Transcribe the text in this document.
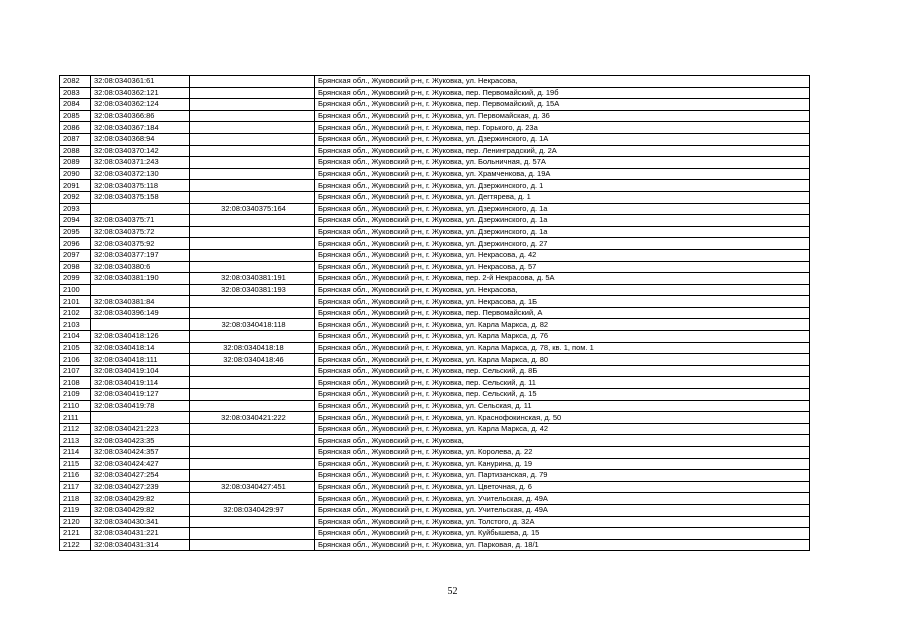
2082	32:08:0340361:61		Брянская обл., Жуковский р-н, г. Жуковка, ул. Некрасова,
2083	32:08:0340362:121		Брянская обл., Жуковский р-н, г. Жуковка, пер. Первомайский, д. 19б
2084	32:08:0340362:124		Брянская обл., Жуковский р-н, г. Жуковка, пер. Первомайский, д. 15А
2085	32:08:0340366:86		Брянская обл., Жуковский р-н, г. Жуковка, ул. Первомайская, д. 36
2086	32:08:0340367:184		Брянская обл., Жуковский р-н, г. Жуковка, пер. Горького, д. 23а
2087	32:08:0340368:94		Брянская обл., Жуковский р-н, г. Жуковка, ул. Дзержинского, д. 1А
2088	32:08:0340370:142		Брянская обл., Жуковский р-н, г. Жуковка, пер. Ленинградский, д. 2А
2089	32:08:0340371:243		Брянская обл., Жуковский р-н, г. Жуковка, ул. Больничная, д. 57А
2090	32:08:0340372:130		Брянская обл., Жуковский р-н, г. Жуковка, ул. Храмченкова, д. 19А
2091	32:08:0340375:118		Брянская обл., Жуковский р-н, г. Жуковка, ул. Дзержинского, д. 1
2092	32:08:0340375:158		Брянская обл., Жуковский р-н, г. Жуковка, ул. Дегтярева, д. 1
2093		32:08:0340375:164	Брянская обл., Жуковский р-н, г. Жуковка, ул. Дзержинского, д. 1а
2094	32:08:0340375:71		Брянская обл., Жуковский р-н, г. Жуковка, ул. Дзержинского, д. 1а
2095	32:08:0340375:72		Брянская обл., Жуковский р-н, г. Жуковка, ул. Дзержинского, д. 1а
2096	32:08:0340375:92		Брянская обл., Жуковский р-н, г. Жуковка, ул. Дзержинского, д. 27
2097	32:08:0340377:197		Брянская обл., Жуковский р-н, г. Жуковка, ул. Некрасова, д. 42
2098	32:08:0340380:6		Брянская обл., Жуковский р-н, г. Жуковка, ул. Некрасова, д. 57
2099	32:08:0340381:190	32:08:0340381:191	Брянская обл., Жуковский р-н, г. Жуковка, пер. 2-й Некрасова, д. 5А
2100		32:08:0340381:193	Брянская обл., Жуковский р-н, г. Жуковка, ул. Некрасова,
2101	32:08:0340381:84		Брянская обл., Жуковский р-н, г. Жуковка, ул. Некрасова, д. 1Б
2102	32:08:0340396:149		Брянская обл., Жуковский р-н, г. Жуковка, пер. Первомайский, А
2103		32:08:0340418:118	Брянская обл., Жуковский р-н, г. Жуковка, ул. Карла Маркса, д. 82
2104	32:08:0340418:126		Брянская обл., Жуковский р-н, г. Жуковка, ул. Карла Маркса, д. 76
2105	32:08:0340418:14	32:08:0340418:18	Брянская обл., Жуковский р-н, г. Жуковка, ул. Карла Маркса, д. 78, кв. 1, пом. 1
2106	32:08:0340418:111	32:08:0340418:46	Брянская обл., Жуковский р-н, г. Жуковка, ул. Карла Маркса, д. 80
2107	32:08:0340419:104		Брянская обл., Жуковский р-н, г. Жуковка, пер. Сельский, д. 8Б
2108	32:08:0340419:114		Брянская обл., Жуковский р-н, г. Жуковка, пер. Сельский, д. 11
2109	32:08:0340419:127		Брянская обл., Жуковский р-н, г. Жуковка, пер. Сельский, д. 15
2110	32:08:0340419:78		Брянская обл., Жуковский р-н, г. Жуковка, ул. Сельская, д. 11
2111		32:08:0340421:222	Брянская обл., Жуковский р-н, г. Жуковка, ул. Краснофокинская, д. 50
2112	32:08:0340421:223		Брянская обл., Жуковский р-н, г. Жуковка, ул. Карла Маркса, д. 42
2113	32:08:0340423:35		Брянская обл., Жуковский р-н, г. Жуковка,
2114	32:08:0340424:357		Брянская обл., Жуковский р-н, г. Жуковка, ул. Королева, д. 22
2115	32:08:0340424:427		Брянская обл., Жуковский р-н, г. Жуковка, ул. Канурина, д. 19
2116	32:08:0340427:254		Брянская обл., Жуковский р-н, г. Жуковка, ул. Партизанская, д. 79
2117	32:08:0340427:239	32:08:0340427:451	Брянская обл., Жуковский р-н, г. Жуковка, ул. Цветочная, д. 6
2118	32:08:0340429:82		Брянская обл., Жуковский р-н, г. Жуковка, ул. Учительская, д. 49А
2119	32:08:0340429:82	32:08:0340429:97	Брянская обл., Жуковский р-н, г. Жуковка, ул. Учительская, д. 49А
2120	32:08:0340430:341		Брянская обл., Жуковский р-н, г. Жуковка, ул. Толстого, д. 32А
2121	32:08:0340431:221		Брянская обл., Жуковский р-н, г. Жуковка, ул. Куйбышева, д. 15
2122	32:08:0340431:314		Брянская обл., Жуковский р-н, г. Жуковка, ул. Парковая, д. 18/1
52
